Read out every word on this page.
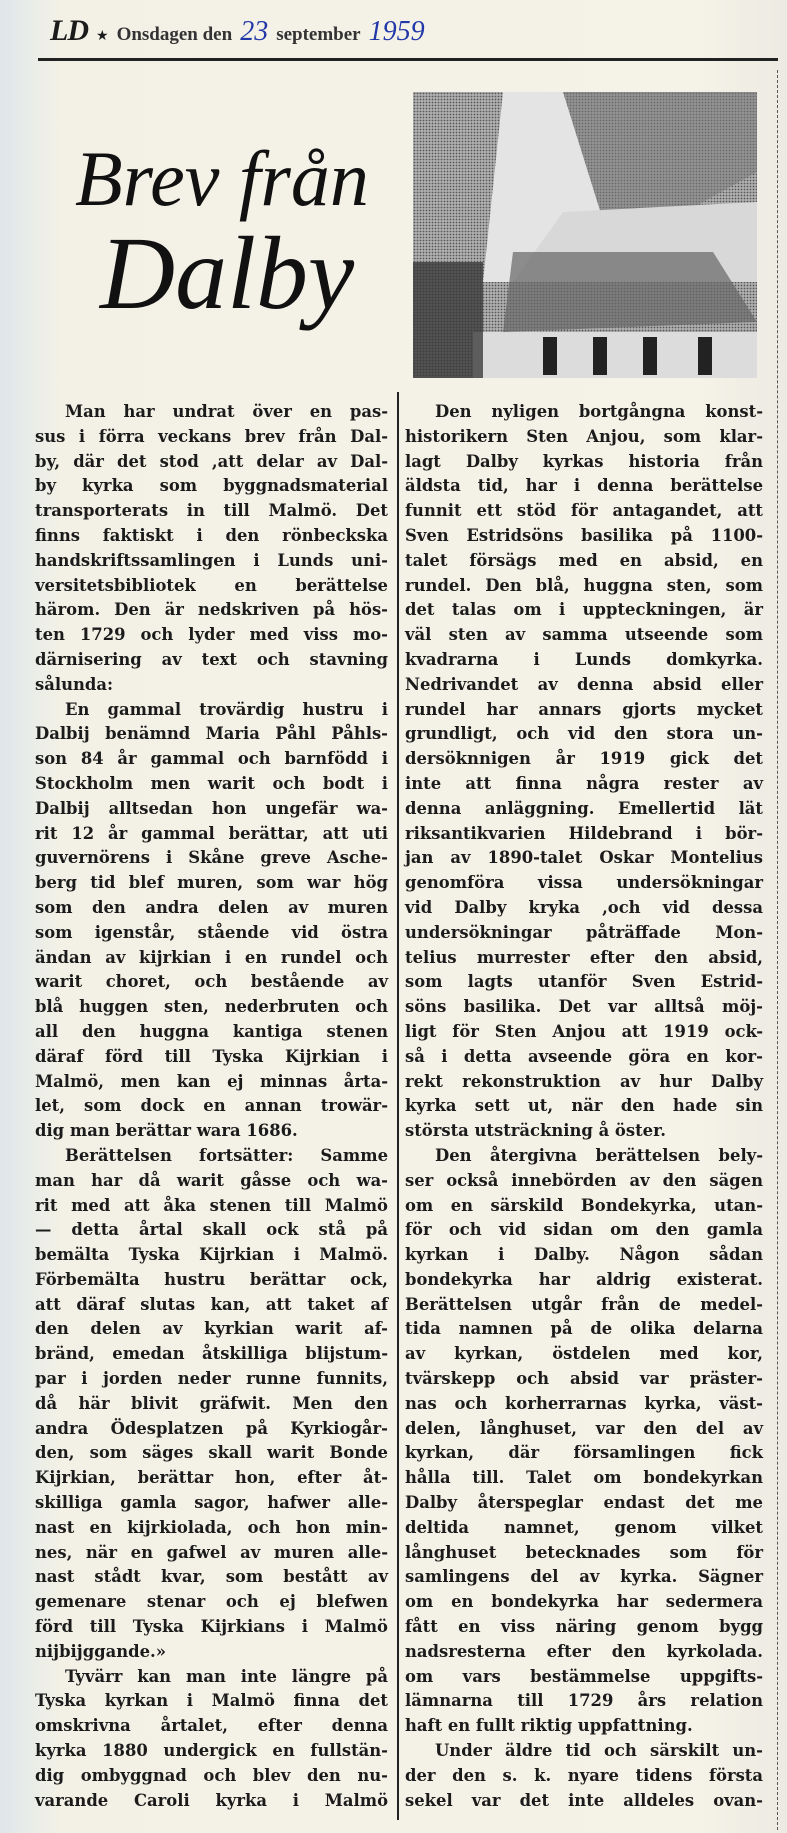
LD ★ Onsdagen den 23 september 1959
Brev från
Dalby
Man har undrat över en pas-
sus i förra veckans brev från Dal-
by, där det stod ,att delar av Dal-
by kyrka som byggnadsmaterial
transporterats in till Malmö. Det
finns faktiskt i den rönbeckska
handskriftssamlingen i Lunds uni-
versitetsbibliotek en berättelse
härom. Den är nedskriven på hös-
ten 1729 och lyder med viss mo-
därnisering av text och stavning
sålunda:
En gammal trovärdig hustru i
Dalbij benämnd Maria Påhl Påhls-
son 84 år gammal och barnfödd i
Stockholm men warit och bodt i
Dalbij alltsedan hon ungefär wa-
rit 12 år gammal berättar, att uti
guvernörens i Skåne greve Asche-
berg tid blef muren, som war hög
som den andra delen av muren
som igenstår, stående vid östra
ändan av kijrkian i en rundel och
warit choret, och bestående av
blå huggen sten, nederbruten och
all den huggna kantiga stenen
däraf förd till Tyska Kijrkian i
Malmö, men kan ej minnas årta-
let, som dock en annan trowär-
dig man berättar wara 1686.
Berättelsen fortsätter: Samme
man har då warit gåsse och wa-
rit med att åka stenen till Malmö
— detta årtal skall ock stå på
bemälta Tyska Kijrkian i Malmö.
Förbemälta hustru berättar ock,
att däraf slutas kan, att taket af
den delen av kyrkian warit af-
bränd, emedan åtskilliga blijstum-
par i jorden neder runne funnits,
då här blivit gräfwit. Men den
andra Ödesplatzen på Kyrkiogår-
den, som säges skall warit Bonde
Kijrkian, berättar hon, efter åt-
skilliga gamla sagor, hafwer alle-
nast en kijrkiolada, och hon min-
nes, när en gafwel av muren alle-
nast stådt kvar, som bestått av
gemenare stenar och ej blefwen
förd till Tyska Kijrkians i Malmö
nijbijggande.»
Tyvärr kan man inte längre på
Tyska kyrkan i Malmö finna det
omskrivna årtalet, efter denna
kyrka 1880 undergick en fullstän-
dig ombyggnad och blev den nu-
varande Caroli kyrka i Malmö
Den nyligen bortgångna konst-
historikern Sten Anjou, som klar-
lagt Dalby kyrkas historia från
äldsta tid, har i denna berättelse
funnit ett stöd för antagandet, att
Sven Estridsöns basilika på 1100-
talet försägs med en absid, en
rundel. Den blå, huggna sten, som
det talas om i uppteckningen, är
väl sten av samma utseende som
kvadrarna i Lunds domkyrka.
Nedrivandet av denna absid eller
rundel har annars gjorts mycket
grundligt, och vid den stora un-
dersöknnigen år 1919 gick det
inte att finna några rester av
denna anläggning. Emellertid lät
riksantikvarien Hildebrand i bör-
jan av 1890-talet Oskar Montelius
genomföra vissa undersökningar
vid Dalby kryka ,och vid dessa
undersökningar påträffade Mon-
telius murrester efter den absid,
som lagts utanför Sven Estrid-
söns basilika. Det var alltså möj-
ligt för Sten Anjou att 1919 ock-
så i detta avseende göra en kor-
rekt rekonstruktion av hur Dalby
kyrka sett ut, när den hade sin
största utsträckning å öster.
Den återgivna berättelsen bely-
ser också innebörden av den sägen
om en särskild Bondekyrka, utan-
för och vid sidan om den gamla
kyrkan i Dalby. Någon sådan
bondekyrka har aldrig existerat.
Berättelsen utgår från de medel-
tida namnen på de olika delarna
av kyrkan, östdelen med kor,
tvärskepp och absid var präster-
nas och korherrarnas kyrka, väst-
delen, långhuset, var den del av
kyrkan, där församlingen fick
hålla till. Talet om bondekyrkan
Dalby återspeglar endast det me
deltida namnet, genom vilket
långhuset betecknades som för
samlingens del av kyrka. Sägner
om en bondekyrka har sedermera
fått en viss näring genom bygg
nadsresterna efter den kyrkolada.
om vars bestämmelse uppgifts-
lämnarna till 1729 års relation
haft en fullt riktig uppfattning.
Under äldre tid och särskilt un-
der den s. k. nyare tidens första
sekel var det inte alldeles ovan-
